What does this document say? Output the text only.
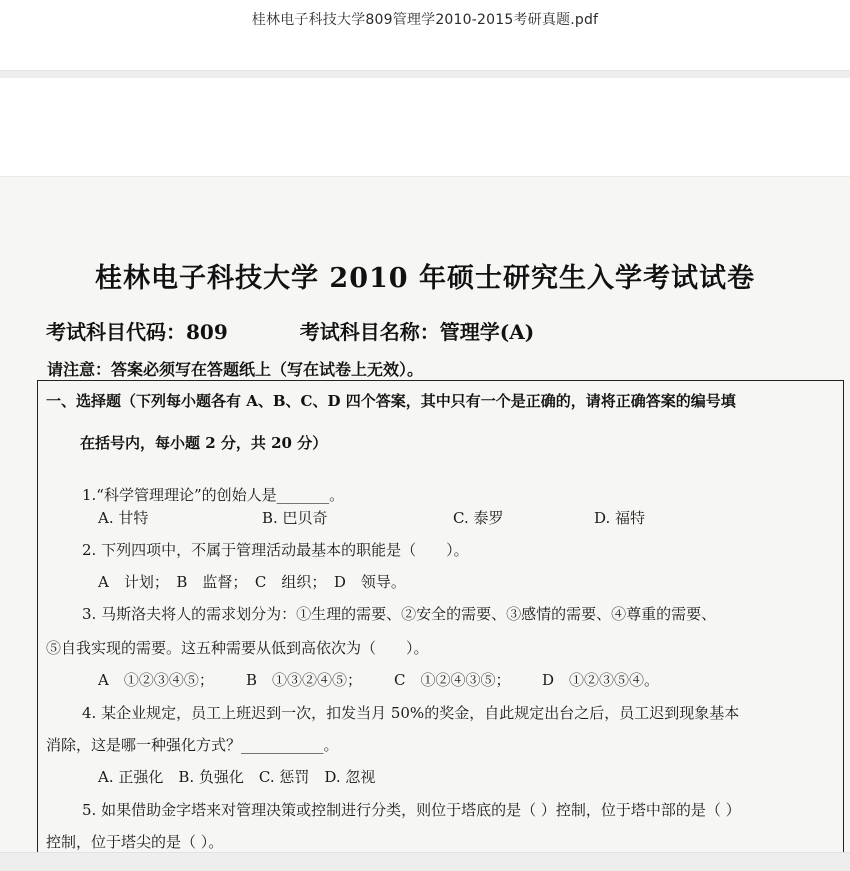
桂林电子科技大学809管理学2010-2015考研真题.pdf
桂林电子科技大学 2010 年硕士研究生入学考试试卷
考试科目代码：809	考试科目名称：管理学(A)
请注意：答案必须写在答题纸上（写在试卷上无效）。
一、选择题（下列每小题各有 A、B、C、D 四个答案，其中只有一个是正确的，请将正确答案的编号填
在括号内，每小题 2 分，共 20 分）
1.“科学管理理论”的创始人是_______。
A. 甘特	B. 巴贝奇	C. 泰罗	D. 福特
2. 下列四项中，不属于管理活动最基本的职能是（　　）。
A　计划；　B　监督；　C　组织；　D　领导。
3. 马斯洛夫将人的需求划分为：①生理的需要、②安全的需要、③感情的需要、④尊重的需要、
⑤自我实现的需要。这五种需要从低到高依次为（　　）。
A　①②③④⑤； B　①③②④⑤； C　①②④③⑤； D　①②③⑤④。
4. 某企业规定，员工上班迟到一次，扣发当月 50%的奖金，自此规定出台之后，员工迟到现象基本
消除，这是哪一种强化方式？___________。
A. 正强化　B. 负强化　C. 惩罚　D. 忽视
5. 如果借助金字塔来对管理决策或控制进行分类，则位于塔底的是（ ）控制，位于塔中部的是（ ）
控制，位于塔尖的是（ ）。
